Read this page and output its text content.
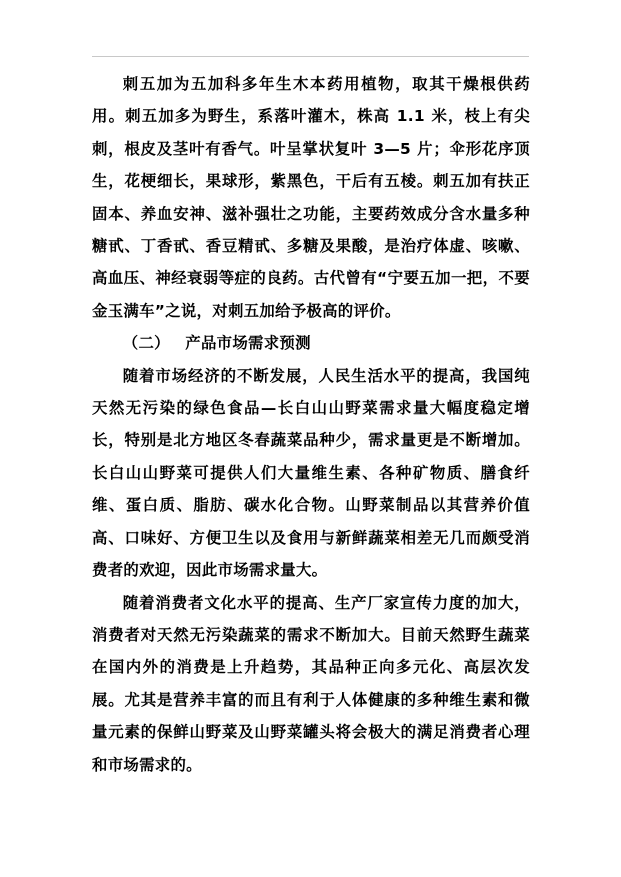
刺五加为五加科多年生木本药用植物，取其干燥根供药用。刺五加多为野生，系落叶灌木，株高 1.1 米，枝上有尖刺，根皮及茎叶有香气。叶呈掌状复叶 3—5 片；伞形花序顶生，花梗细长，果球形，紫黑色，干后有五棱。刺五加有扶正固本、养血安神、滋补强壮之功能，主要药效成分含水量多种糖甙、丁香甙、香豆精甙、多糖及果酸，是治疗体虚、咳嗽、高血压、神经衰弱等症的良药。古代曾有“宁要五加一把，不要金玉满车”之说，对刺五加给予极高的评价。

（二） 产品市场需求预测

随着市场经济的不断发展，人民生活水平的提高，我国纯天然无污染的绿色食品—长白山山野菜需求量大幅度稳定增长，特别是北方地区冬春蔬菜品种少，需求量更是不断增加。长白山山野菜可提供人们大量维生素、各种矿物质、膳食纤维、蛋白质、脂肪、碳水化合物。山野菜制品以其营养价值高、口味好、方便卫生以及食用与新鲜蔬菜相差无几而颇受消费者的欢迎，因此市场需求量大。

随着消费者文化水平的提高、生产厂家宣传力度的加大，消费者对天然无污染蔬菜的需求不断加大。目前天然野生蔬菜在国内外的消费是上升趋势，其品种正向多元化、高层次发展。尤其是营养丰富的而且有利于人体健康的多种维生素和微量元素的保鲜山野菜及山野菜罐头将会极大的满足消费者心理和市场需求的。
